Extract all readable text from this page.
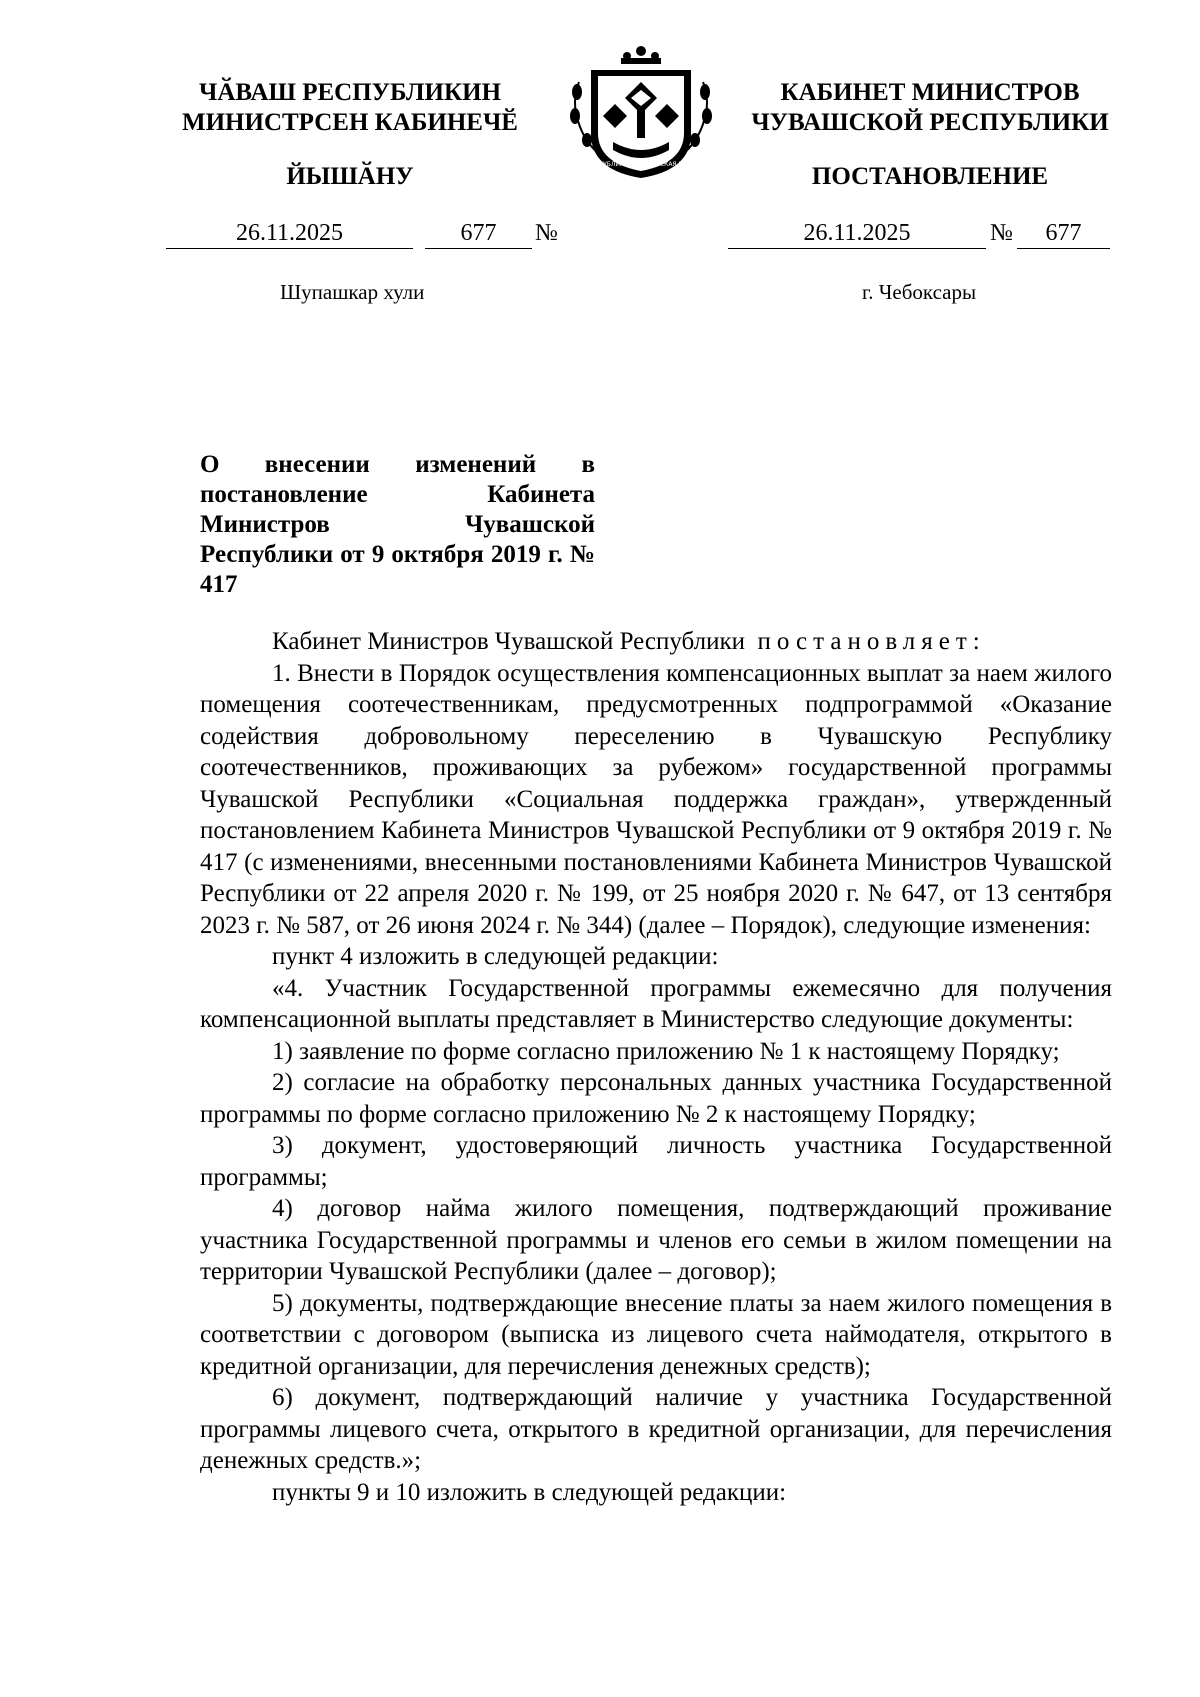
ЧӐВАШ РЕСПУБЛИКИН
МИНИСТРСЕН КАБИНЕЧӖ
ЙЫШӐНУ	ЧӐВАШ РЕСПУБЛИКИ ✿ ЧУВАШСКАЯ РЕСПУБЛИКА
КАБИНЕТ МИНИСТРОВ
ЧУВАШСКОЙ РЕСПУБЛИКИ
ПОСТАНОВЛЕНИЕ
26.11.2025	677	№	26.11.2025	№	677
Шупашкар хули	г. Чебоксары
О внесении изменений в постановление Кабинета Министров Чувашской Республики от 9 октября 2019 г. № 417

Кабинет Министров Чувашской Республики постановляет:

1. Внести в Порядок осуществления компенсационных выплат за наем жилого помещения соотечественникам, предусмотренных подпрограммой «Оказание содействия добровольному переселению в Чувашскую Республику соотечественников, проживающих за рубежом» государственной программы Чувашской Республики «Социальная поддержка граждан», утвержденный постановлением Кабинета Министров Чувашской Республики от 9 октября 2019 г. № 417 (с изменениями, внесенными постановлениями Кабинета Министров Чувашской Республики от 22 апреля 2020 г. № 199, от 25 ноября 2020 г. № 647, от 13 сентября 2023 г. № 587, от 26 июня 2024 г. № 344) (далее – Порядок), следующие изменения:

пункт 4 изложить в следующей редакции:

«4. Участник Государственной программы ежемесячно для получения компенсационной выплаты представляет в Министерство следующие документы:

1) заявление по форме согласно приложению № 1 к настоящему Порядку;

2) согласие на обработку персональных данных участника Государственной программы по форме согласно приложению № 2 к настоящему Порядку;

3) документ, удостоверяющий личность участника Государственной программы;

4) договор найма жилого помещения, подтверждающий проживание участника Государственной программы и членов его семьи в жилом помещении на территории Чувашской Республики (далее – договор);

5) документы, подтверждающие внесение платы за наем жилого помещения в соответствии с договором (выписка из лицевого счета наймодателя, открытого в кредитной организации, для перечисления денежных средств);

6) документ, подтверждающий наличие у участника Государственной программы лицевого счета, открытого в кредитной организации, для перечисления денежных средств.»;

пункты 9 и 10 изложить в следующей редакции:
